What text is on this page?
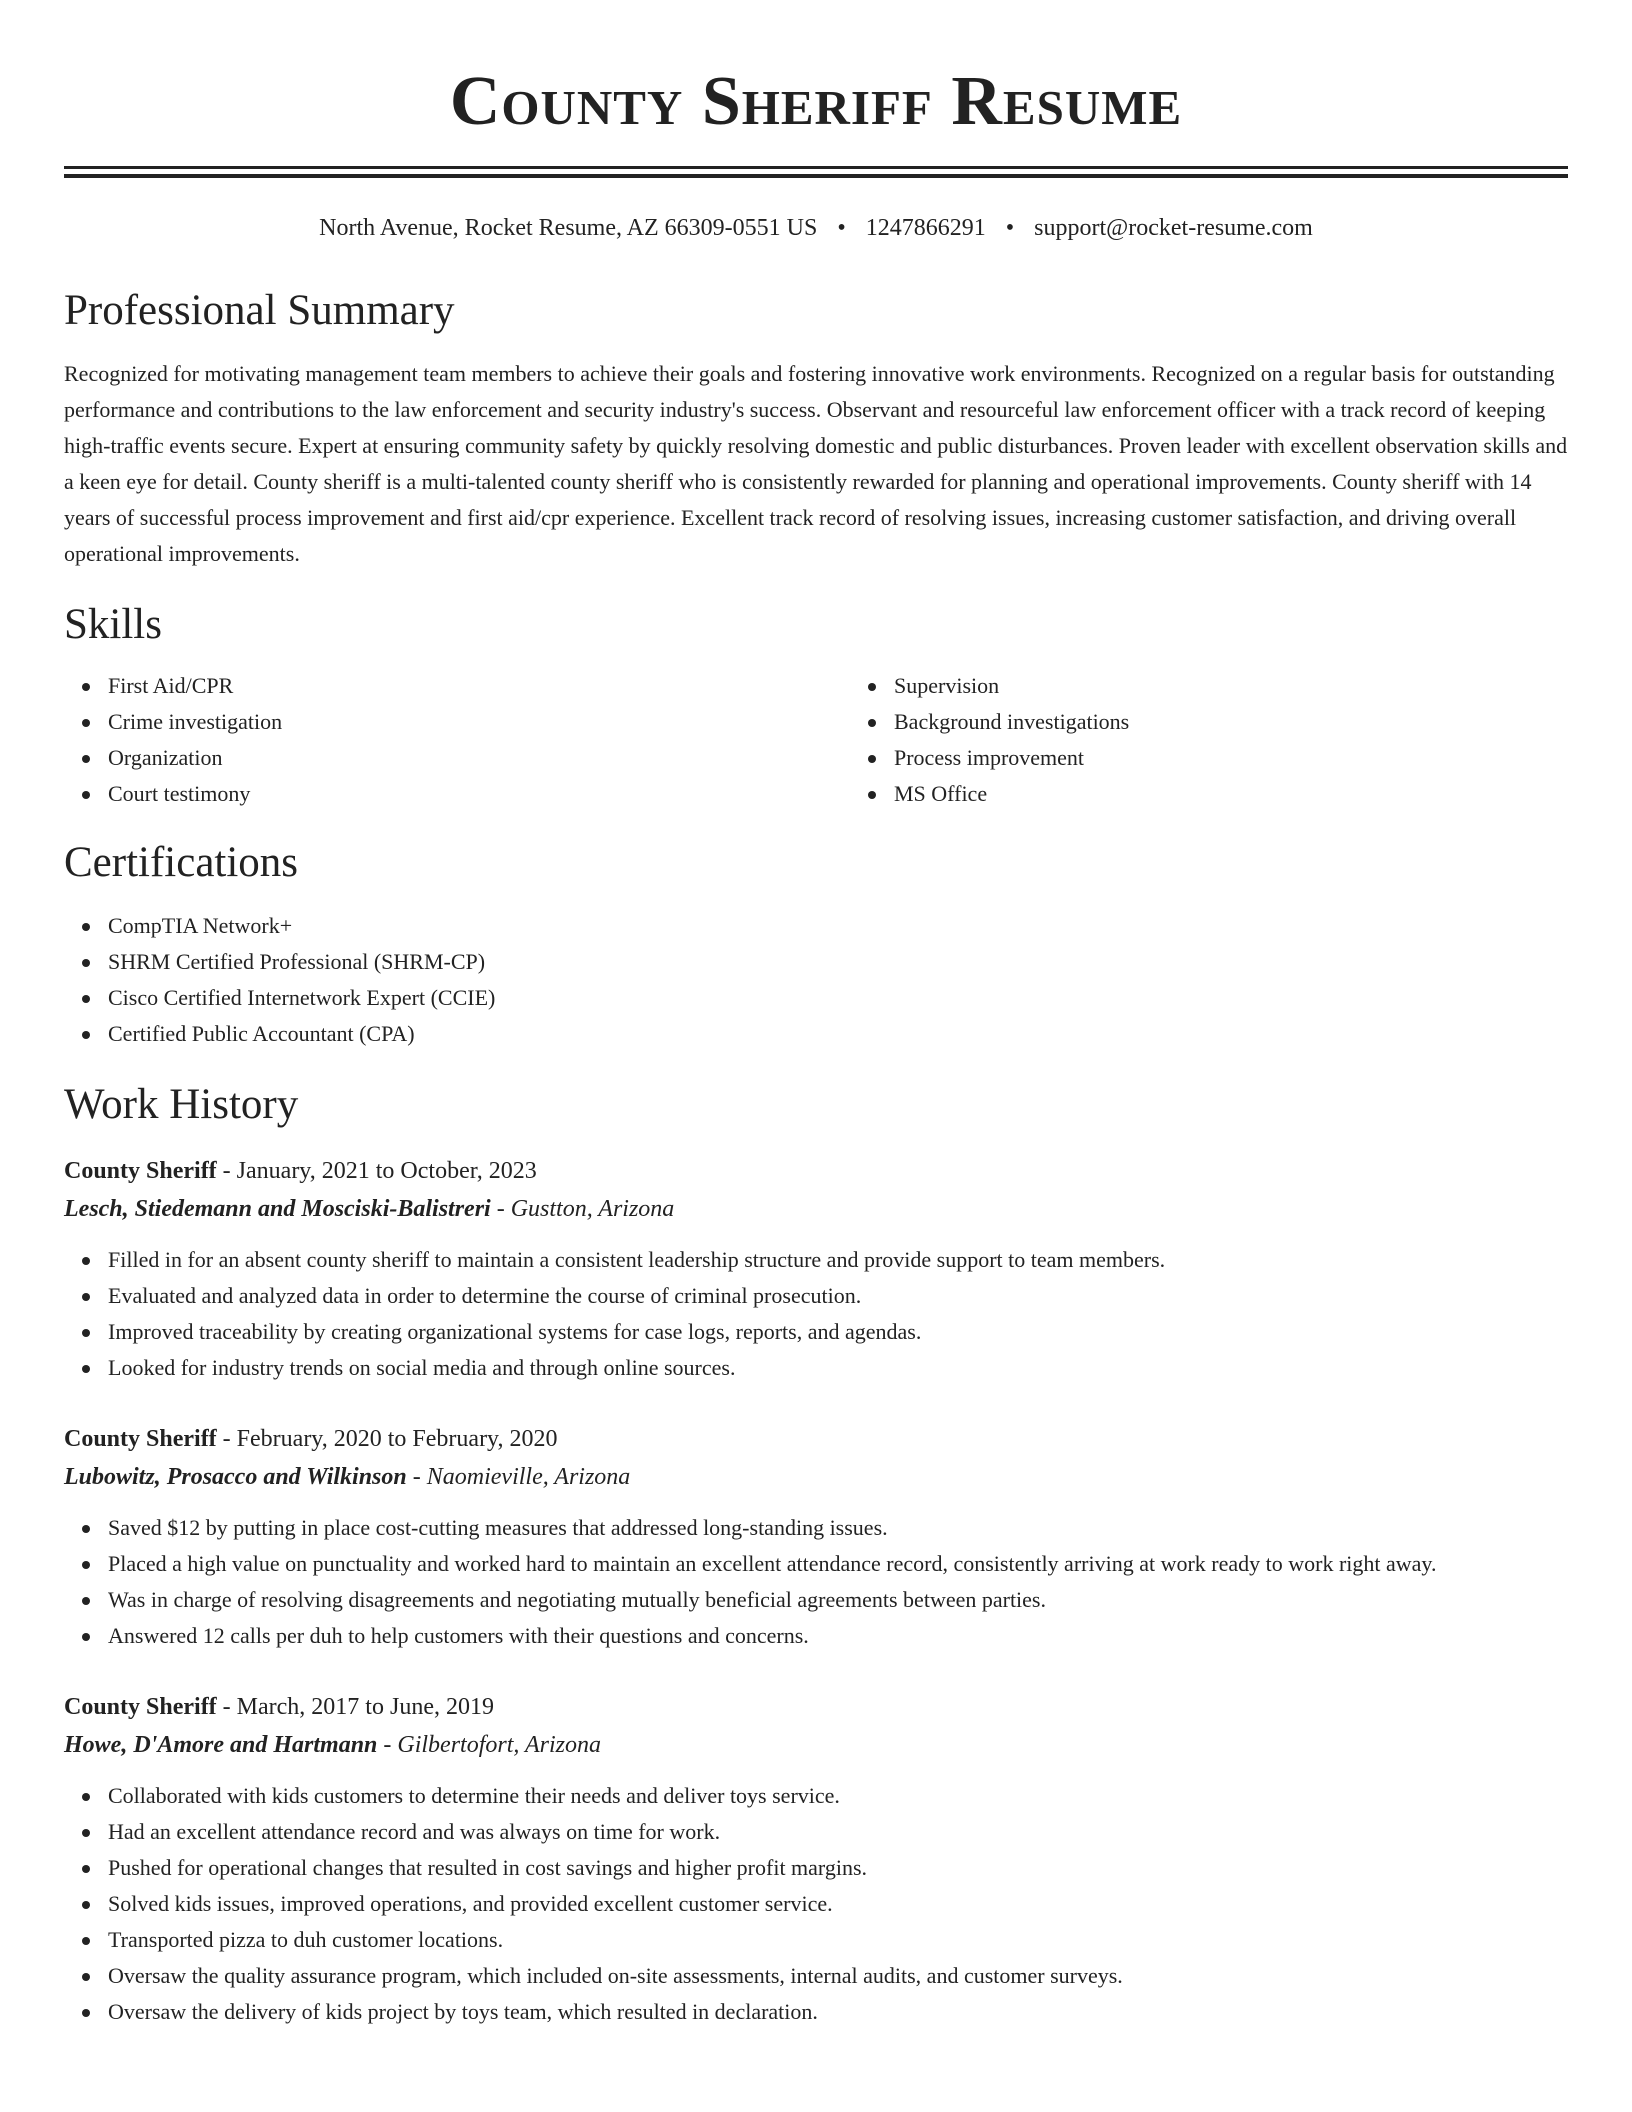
County Sheriff Resume
North Avenue, Rocket Resume, AZ 66309-0551 US • 1247866291 • support@rocket-resume.com
Professional Summary

Recognized for motivating management team members to achieve their goals and fostering innovative work environments. Recognized on a regular basis for outstanding performance and contributions to the law enforcement and security industry's success. Observant and resourceful law enforcement officer with a track record of keeping high-traffic events secure. Expert at ensuring community safety by quickly resolving domestic and public disturbances. Proven leader with excellent observation skills and a keen eye for detail. County sheriff is a multi-talented county sheriff who is consistently rewarded for planning and operational improvements. County sheriff with 14 years of successful process improvement and first aid/cpr experience. Excellent track record of resolving issues, increasing customer satisfaction, and driving overall operational improvements.

Skills
First Aid/CPR
Crime investigation
Organization
Court testimony
Supervision
Background investigations
Process improvement
MS Office
Certifications
CompTIA Network+
SHRM Certified Professional (SHRM-CP)
Cisco Certified Internetwork Expert (CCIE)
Certified Public Accountant (CPA)
Work History
County Sheriff - January, 2021 to October, 2023
Lesch, Stiedemann and Mosciski-Balistreri - Gustton, Arizona
Filled in for an absent county sheriff to maintain a consistent leadership structure and provide support to team members.
Evaluated and analyzed data in order to determine the course of criminal prosecution.
Improved traceability by creating organizational systems for case logs, reports, and agendas.
Looked for industry trends on social media and through online sources.
County Sheriff - February, 2020 to February, 2020
Lubowitz, Prosacco and Wilkinson - Naomieville, Arizona
Saved $12 by putting in place cost-cutting measures that addressed long-standing issues.
Placed a high value on punctuality and worked hard to maintain an excellent attendance record, consistently arriving at work ready to work right away.
Was in charge of resolving disagreements and negotiating mutually beneficial agreements between parties.
Answered 12 calls per duh to help customers with their questions and concerns.
County Sheriff - March, 2017 to June, 2019
Howe, D'Amore and Hartmann - Gilbertofort, Arizona
Collaborated with kids customers to determine their needs and deliver toys service.
Had an excellent attendance record and was always on time for work.
Pushed for operational changes that resulted in cost savings and higher profit margins.
Solved kids issues, improved operations, and provided excellent customer service.
Transported pizza to duh customer locations.
Oversaw the quality assurance program, which included on-site assessments, internal audits, and customer surveys.
Oversaw the delivery of kids project by toys team, which resulted in declaration.
